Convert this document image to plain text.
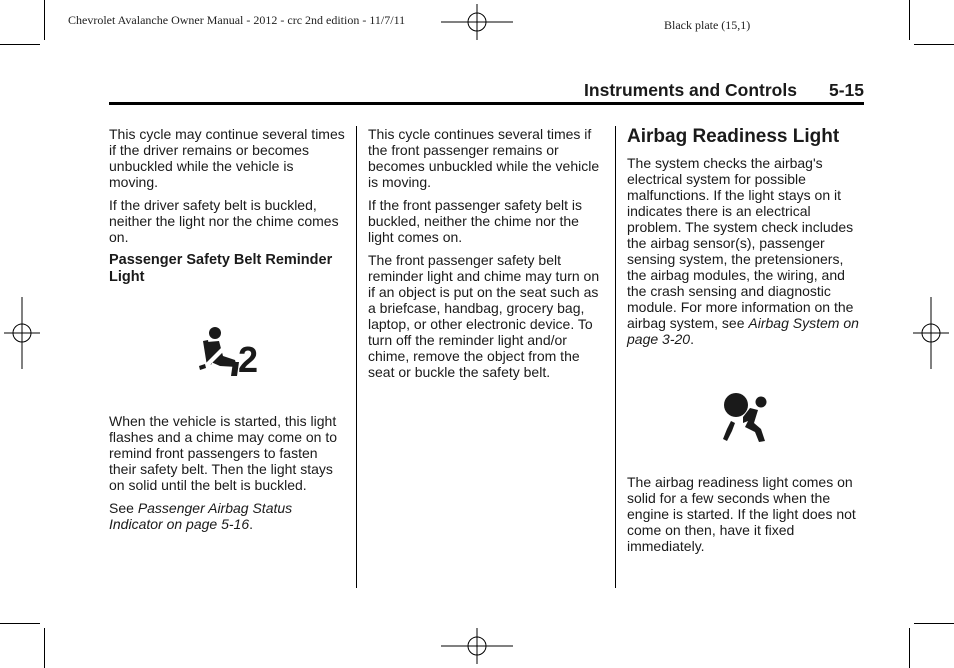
Chevrolet Avalanche Owner Manual - 2012 - crc 2nd edition - 11/7/11	Black plate (15,1)
Instruments and Controls 5-15

This cycle may continue several times if the driver remains or becomes unbuckled while the vehicle is moving.

If the driver safety belt is buckled, neither the light nor the chime comes on.

Passenger Safety Belt Reminder Light
2

When the vehicle is started, this light flashes and a chime may come on to remind front passengers to fasten their safety belt. Then the light stays on solid until the belt is buckled.

See Passenger Airbag Status Indicator on page 5-16.

This cycle continues several times if the front passenger remains or becomes unbuckled while the vehicle is moving.

If the front passenger safety belt is buckled, neither the chime nor the light comes on.

The front passenger safety belt reminder light and chime may turn on if an object is put on the seat such as a briefcase, handbag, grocery bag, laptop, or other electronic device. To turn off the reminder light and/or chime, remove the object from the seat or buckle the safety belt.

Airbag Readiness Light

The system checks the airbag's electrical system for possible malfunctions. If the light stays on it indicates there is an electrical problem. The system check includes the airbag sensor(s), passenger sensing system, the pretensioners, the airbag modules, the wiring, and the crash sensing and diagnostic module. For more information on the airbag system, see Airbag System on page 3-20.

The airbag readiness light comes on solid for a few seconds when the engine is started. If the light does not come on then, have it fixed immediately.
